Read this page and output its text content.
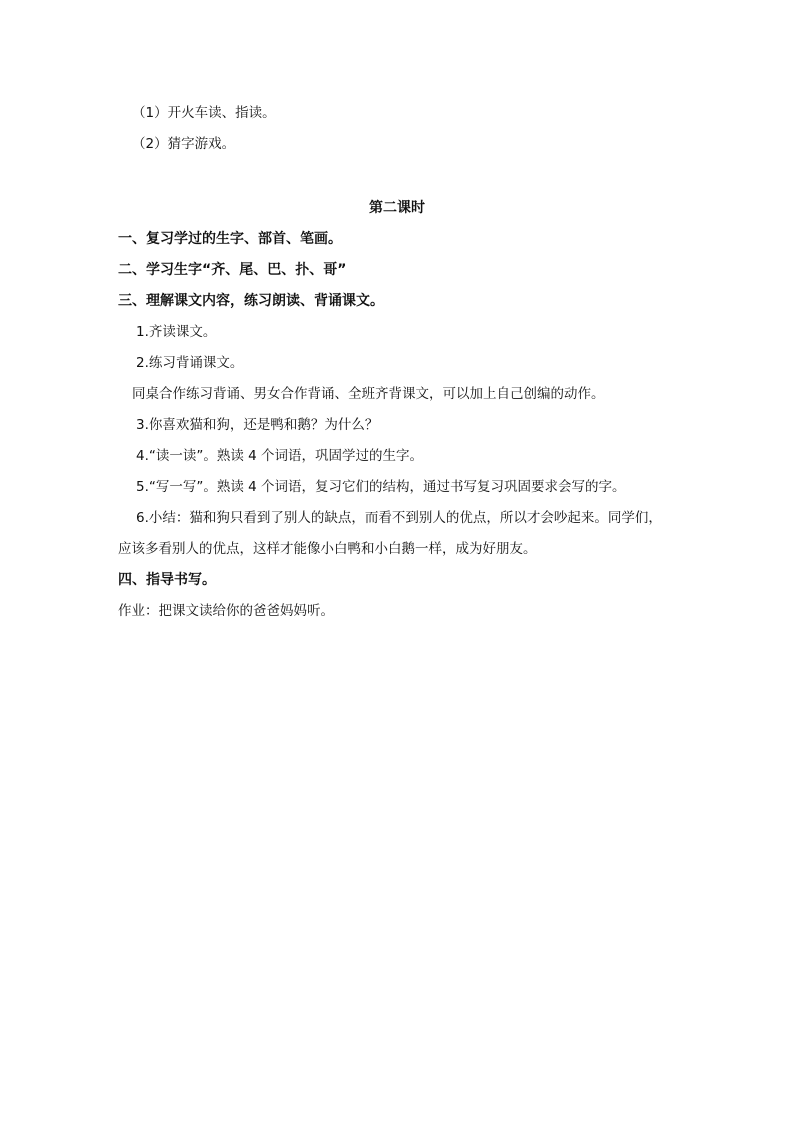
（1）开火车读、指读。
（2）猜字游戏。
第二课时
一、复习学过的生字、部首、笔画。
二、学习生字“齐、尾、巴、扑、哥”
三、理解课文内容，练习朗读、背诵课文。
1.齐读课文。
2.练习背诵课文。
同桌合作练习背诵、男女合作背诵、全班齐背课文，可以加上自己创编的动作。
3.你喜欢猫和狗，还是鸭和鹅？为什么？
4.“读一读”。熟读 4 个词语，巩固学过的生字。
5.“写一写”。熟读 4 个词语，复习它们的结构，通过书写复习巩固要求会写的字。
6.小结：猫和狗只看到了别人的缺点，而看不到别人的优点，所以才会吵起来。同学们，
应该多看别人的优点，这样才能像小白鸭和小白鹅一样，成为好朋友。
四、指导书写。
作业：把课文读给你的爸爸妈妈听。
